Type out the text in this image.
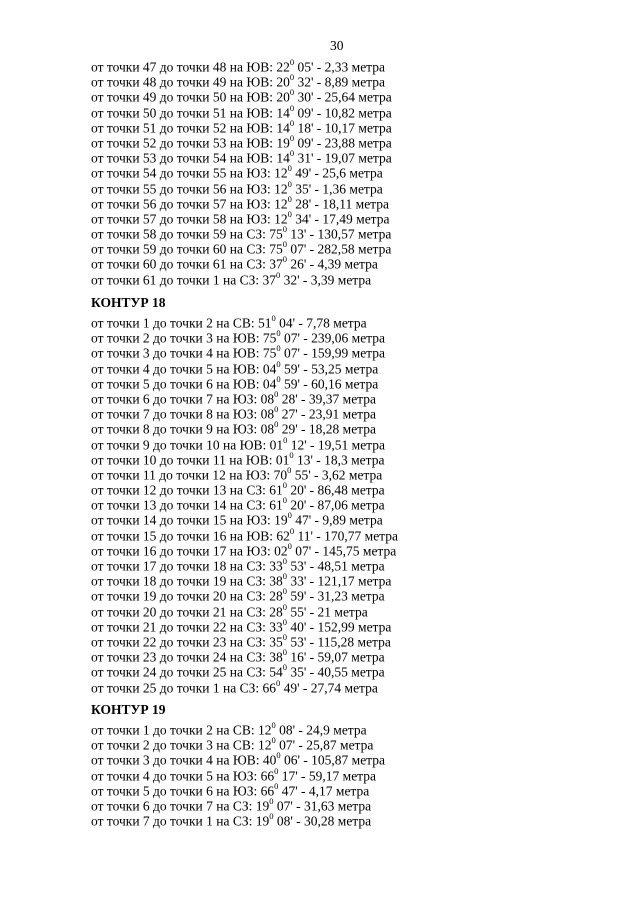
30
от точки 47 до точки 48 на ЮВ: $22^0$ 05' - 2,33 метра
от точки 48 до точки 49 на ЮВ: $20^0$ 32' - 8,89 метра
от точки 49 до точки 50 на ЮВ: $20^0$ 30' - 25,64 метра
от точки 50 до точки 51 на ЮВ: $14^0$ 09' - 10,82 метра
от точки 51 до точки 52 на ЮВ: $14^0$ 18' - 10,17 метра
от точки 52 до точки 53 на ЮВ: $19^0$ 09' - 23,88 метра
от точки 53 до точки 54 на ЮВ: $14^0$ 31' - 19,07 метра
от точки 54 до точки 55 на ЮЗ: $12^0$ 49' - 25,6 метра
от точки 55 до точки 56 на ЮЗ: $12^0$ 35' - 1,36 метра
от точки 56 до точки 57 на ЮЗ: $12^0$ 28' - 18,11 метра
от точки 57 до точки 58 на ЮЗ: $12^0$ 34' - 17,49 метра
от точки 58 до точки 59 на СЗ: $75^0$ 13' - 130,57 метра
от точки 59 до точки 60 на СЗ: $75^0$ 07' - 282,58 метра
от точки 60 до точки 61 на СЗ: $37^0$ 26' - 4,39 метра
от точки 61 до точки 1 на СЗ: $37^0$ 32' - 3,39 метра
КОНТУР 18
от точки 1 до точки 2 на СВ: $51^0$ 04' - 7,78 метра
от точки 2 до точки 3 на ЮВ: $75^0$ 07' - 239,06 метра
от точки 3 до точки 4 на ЮВ: $75^0$ 07' - 159,99 метра
от точки 4 до точки 5 на ЮВ: $04^0$ 59' - 53,25 метра
от точки 5 до точки 6 на ЮВ: $04^0$ 59' - 60,16 метра
от точки 6 до точки 7 на ЮЗ: $08^0$ 28' - 39,37 метра
от точки 7 до точки 8 на ЮЗ: $08^0$ 27' - 23,91 метра
от точки 8 до точки 9 на ЮЗ: $08^0$ 29' - 18,28 метра
от точки 9 до точки 10 на ЮВ: $01^0$ 12' - 19,51 метра
от точки 10 до точки 11 на ЮВ: $01^0$ 13' - 18,3 метра
от точки 11 до точки 12 на ЮЗ: $70^0$ 55' - 3,62 метра
от точки 12 до точки 13 на СЗ: $61^0$ 20' - 86,48 метра
от точки 13 до точки 14 на СЗ: $61^0$ 20' - 87,06 метра
от точки 14 до точки 15 на ЮЗ: $19^0$ 47' - 9,89 метра
от точки 15 до точки 16 на ЮВ: $62^0$ 11' - 170,77 метра
от точки 16 до точки 17 на ЮЗ: $02^0$ 07' - 145,75 метра
от точки 17 до точки 18 на СЗ: $33^0$ 53' - 48,51 метра
от точки 18 до точки 19 на СЗ: $38^0$ 33' - 121,17 метра
от точки 19 до точки 20 на СЗ: $28^0$ 59' - 31,23 метра
от точки 20 до точки 21 на СЗ: $28^0$ 55' - 21 метра
от точки 21 до точки 22 на СЗ: $33^0$ 40' - 152,99 метра
от точки 22 до точки 23 на СЗ: $35^0$ 53' - 115,28 метра
от точки 23 до точки 24 на СЗ: $38^0$ 16' - 59,07 метра
от точки 24 до точки 25 на СЗ: $54^0$ 35' - 40,55 метра
от точки 25 до точки 1 на СЗ: $66^0$ 49' - 27,74 метра
КОНТУР 19
от точки 1 до точки 2 на СВ: $12^0$ 08' - 24,9 метра
от точки 2 до точки 3 на СВ: $12^0$ 07' - 25,87 метра
от точки 3 до точки 4 на ЮВ: $40^0$ 06' - 105,87 метра
от точки 4 до точки 5 на ЮЗ: $66^0$ 17' - 59,17 метра
от точки 5 до точки 6 на ЮЗ: $66^0$ 47' - 4,17 метра
от точки 6 до точки 7 на СЗ: $19^0$ 07' - 31,63 метра
от точки 7 до точки 1 на СЗ: $19^0$ 08' - 30,28 метра
